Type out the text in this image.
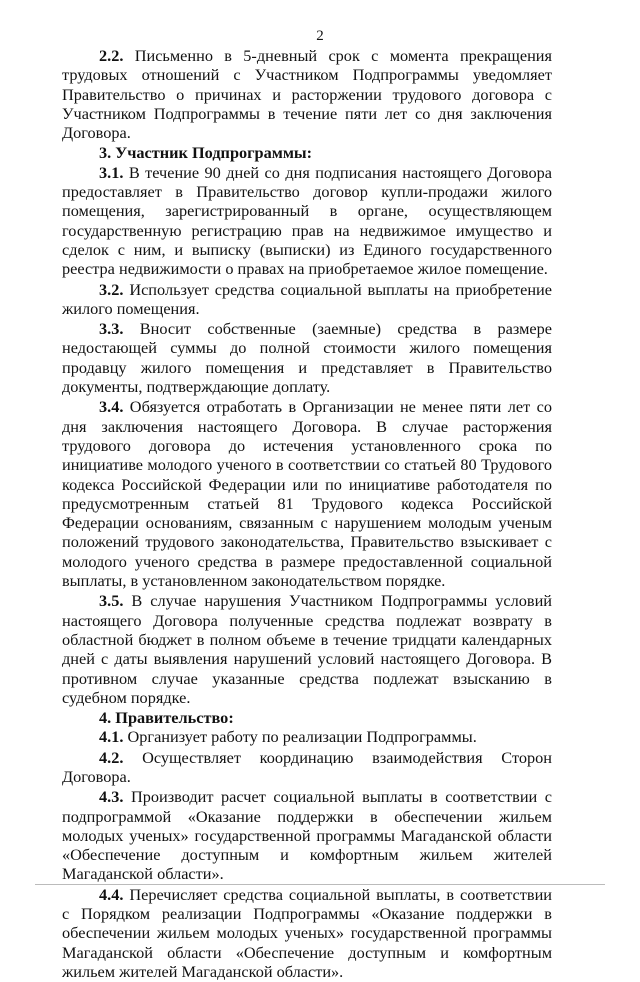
2

2.2. Письменно в 5-дневный срок с момента прекращения трудовых отношений с Участником Подпрограммы уведомляет Правительство о причинах и расторжении трудового договора с Участником Подпрограммы в течение пяти лет со дня заключения Договора.

3. Участник Подпрограммы:

3.1. В течение 90 дней со дня подписания настоящего Договора предоставляет в Правительство договор купли-продажи жилого помещения, зарегистрированный в органе, осуществляющем государственную регистрацию прав на недвижимое имущество и сделок с ним, и выписку (выписки) из Единого государственного реестра недвижимости о правах на приобретаемое жилое помещение.

3.2. Использует средства социальной выплаты на приобретение жилого помещения.

3.3. Вносит собственные (заемные) средства в размере недостающей суммы до полной стоимости жилого помещения продавцу жилого помещения и представляет в Правительство документы, подтверждающие доплату.

3.4. Обязуется отработать в Организации не менее пяти лет со дня заключения настоящего Договора. В случае расторжения трудового договора до истечения установленного срока по инициативе молодого ученого в соответствии со статьей 80 Трудового кодекса Российской Федерации или по инициативе работодателя по предусмотренным статьей 81 Трудового кодекса Российской Федерации основаниям, связанным с нарушением молодым ученым положений трудового законодательства, Правительство взыскивает с молодого ученого средства в размере предоставленной социальной выплаты, в установленном законодательством порядке.

3.5. В случае нарушения Участником Подпрограммы условий настоящего Договора полученные средства подлежат возврату в областной бюджет в полном объеме в течение тридцати календарных дней с даты выявления нарушений условий настоящего Договора. В противном случае указанные средства подлежат взысканию в судебном порядке.

4. Правительство:

4.1. Организует работу по реализации Подпрограммы.

4.2. Осуществляет координацию взаимодействия Сторон Договора.

4.3. Производит расчет социальной выплаты в соответствии с подпрограммой «Оказание поддержки в обеспечении жильем молодых ученых» государственной программы Магаданской области «Обеспечение доступным и комфортным жильем жителей Магаданской области».

4.4. Перечисляет средства социальной выплаты, в соответствии с Порядком реализации Подпрограммы «Оказание поддержки в обеспечении жильем молодых ученых» государственной программы Магаданской области «Обеспечение доступным и комфортным жильем жителей Магаданской области».
